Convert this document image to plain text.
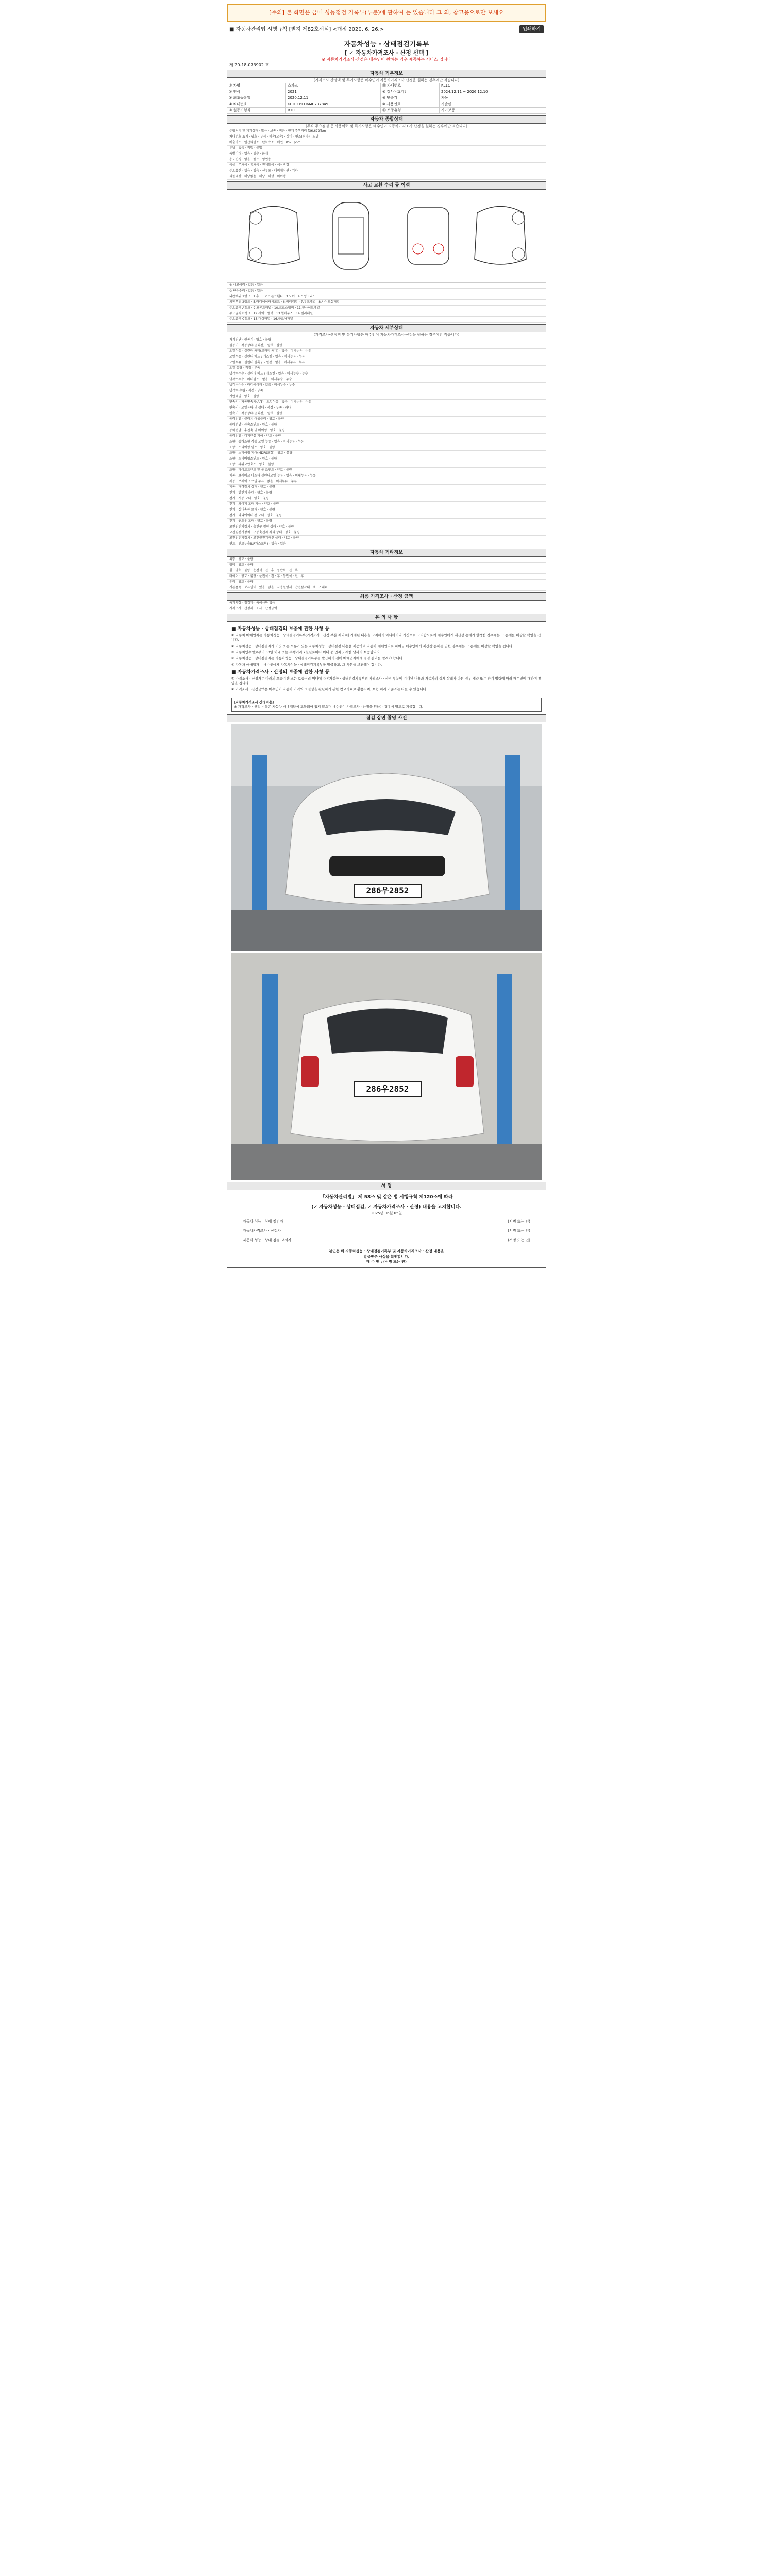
[주의] 본 화면은 금메 성능점검 기록부(부분)에 관하여 는 있습니다 그 외, 참고용으로만 보세요
■ 자동차관리법 시행규칙 [별지 제82호서식] <개정 2020. 6. 26.>	인쇄하기
자동차성능 · 상태점검기록부
[ ✓ 자동차가격조사 · 산정 선택 ]
※ 자동차가격조사·산정은 매수인이 원하는 경우 제공하는 서비스 입니다
제 20-18-073902 호
자동차 기본정보
(가격조사·산정액 및 특기사항은 매수인이 자동차가격조사·산정을 원하는 경우에만 적습니다)
① 차명	스파크	⑪ 차대번호	KL1C
② 연식	2021	⑧ 검사유효기간	2024.12.11 ~ 2026.12.10
③ 최초등록일	2020.12.11	⑨ 변속기	자동
④ 차대번호	KL1CC6ED6MC737849	⑩ 사용연료	가솔린
⑤ 원동기형식	B10	⑫ 보증유형	자가보증
자동차 종합상태
(주요 주요점검 등 사용이력 및 특기사항은 매수인이 자동차가격조사·산정을 원하는 경우에만 적습니다)
주행거리 및 계기상태 · 많음 · 보통 · 적음 · 현재 주행거리 [36,672]km
차대번호 표기 · 양호 · 부식 · 훼손(오손) · 상이 · 변조(변타) · 도말
배출가스 · 일산화탄소 · 탄화수소 · 매연 · 0% · ppm
튜닝 · 없음 · 적법 · 불법
특별이력 · 없음 · 침수 · 화재
용도변경 · 없음 · 렌트 · 영업용
색상 · 무채색 · 유채색 · 전체도색 · 색상변경
주요옵션 · 없음 · 있음 · 선루프 · 내비게이션 · 기타
리콜대상 · 해당없음 · 해당 · 이행 · 미이행
사고 교환 수리 등 이력
① 사고이력 · 없음 · 있음
② 단순수리 · 없음 · 있음
외판부위 1랭크 · 1.후드 · 2.프론트휀더 · 3.도어 · 4.트렁크리드
외판부위 2랭크 · 5.라디에이터서포트 · 6.쿼터패널 · 7.루프패널 · 8.사이드실패널
주요골격 A랭크 · 9.프론트패널 · 10.크로스멤버 · 11.인사이드패널
주요골격 B랭크 · 12.사이드멤버 · 13.휠하우스 · 14.필러패널
주요골격 C랭크 · 15.대쉬패널 · 16.플로어패널
자동차 세부상태
(가격조사·산정액 및 특기사항은 매수인이 자동차가격조사·산정을 원하는 경우에만 적습니다)
자기진단 · 원동기 · 양호 · 불량
원동기 · 작동상태(공회전) · 양호 · 불량
오일누유 · 실린더 커버(로커암 커버) · 없음 · 미세누유 · 누유
오일누유 · 실린더 헤드 / 개스킷 · 없음 · 미세누유 · 누유
오일누유 · 실린더 블록 / 오일팬 · 없음 · 미세누유 · 누유
오일 유량 · 적정 · 부족
냉각수누수 · 실린더 헤드 / 개스킷 · 없음 · 미세누수 · 누수
냉각수누수 · 워터펌프 · 없음 · 미세누수 · 누수
냉각수누수 · 라디에이터 · 없음 · 미세누수 · 누수
냉각수 수량 · 적정 · 부족
커먼레일 · 양호 · 불량
변속기 · 자동변속기(A/T) · 오일누유 · 없음 · 미세누유 · 누유
변속기 · 오일유량 및 상태 · 적정 · 부족 · 과다
변속기 · 작동상태(공회전) · 양호 · 불량
동력전달 · 클러치 어셈블리 · 양호 · 불량
동력전달 · 등속조인트 · 양호 · 불량
동력전달 · 추진축 및 베어링 · 양호 · 불량
동력전달 · 디퍼렌셜 기어 · 양호 · 불량
조향 · 동력조향 작동 오일 누유 · 없음 · 미세누유 · 누유
조향 · 스티어링 펌프 · 양호 · 불량
조향 · 스티어링 기어(MDPS포함) · 양호 · 불량
조향 · 스티어링조인트 · 양호 · 불량
조향 · 파워고압호스 · 양호 · 불량
조향 · 타이로드엔드 및 볼 조인트 · 양호 · 불량
제동 · 브레이크 마스터 실린더오일 누유 · 없음 · 미세누유 · 누유
제동 · 브레이크 오일 누유 · 없음 · 미세누유 · 누유
제동 · 배력장치 상태 · 양호 · 불량
전기 · 발전기 출력 · 양호 · 불량
전기 · 시동 모터 · 양호 · 불량
전기 · 와이퍼 모터 기능 · 양호 · 불량
전기 · 실내송풍 모터 · 양호 · 불량
전기 · 라디에이터 팬 모터 · 양호 · 불량
전기 · 윈도우 모터 · 양호 · 불량
고전원전기장치 · 충전구 절연 상태 · 양호 · 불량
고전원전기장치 · 구동축전지 격리 상태 · 양호 · 불량
고전원전기장치 · 고전원전기배선 상태 · 양호 · 불량
연료 · 연료누출(LP가스포함) · 없음 · 있음
자동차 기타정보
외장 · 양호 · 불량
광택 · 양호 · 불량
휠 · 양호 · 불량 · 운전석 · 전 · 후 · 동반석 · 전 · 후
타이어 · 양호 · 불량 · 운전석 · 전 · 후 · 동반석 · 전 · 후
유리 · 양호 · 불량
기본품목 · 보유상태 · 있음 · 없음 · 사용설명서 · 안전삼각대 · 잭 · 스패너
최종 가격조사 · 산정 금액
특기사항 · 점검자 · 특이사항 없음
가격조사 · 산정자 · 조사 · 산정금액
유 의 사 항
■ 자동차성능 · 상태점검의 보증에 관한 사항 등

① 자동차 매매업자는 자동차성능 · 상태점검기록부(가격조사 · 산정 부분 제외)에 기재된 내용을 고지하지 아니하거나 거짓으로 고지함으로써 매수인에게 재산상 손해가 발생한 경우에는 그 손해를 배상할 책임을 집니다.

② 자동차성능 · 상태점검자가 거짓 또는 오류가 있는 자동차성능 · 상태점검 내용을 제공하여 자동차 매매업자로 하여금 매수인에게 재산상 손해를 입힌 경우에는 그 손해를 배상할 책임을 집니다.

③ 자동차인수일로부터 30일 이내 또는 주행거리 2천킬로미터 이내 중 먼저 도래한 날까지 보증합니다.

④ 자동차성능 · 상태점검자는 자동차성능 · 상태점검기록부를 발급하기 전에 매매업자에게 점검 결과를 알려야 합니다.

⑤ 자동차 매매업자는 매수인에게 자동차성능 · 상태점검기록부를 발급하고, 그 사본을 보관해야 합니다.

■ 자동차가격조사 · 산정의 보증에 관한 사항 등

① 가격조사 · 산정자는 아래의 보증기간 또는 보증거리 이내에 자동차성능 · 상태점검기록부의 가격조사 · 산정 부분에 기재된 내용과 자동차의 실제 상태가 다른 경우 계약 또는 관계 법령에 따라 매수인에 대하여 책임을 집니다.

② 가격조사 · 산정금액은 매수인이 자동차 가격의 적절성을 판단하기 위한 참고자료로 활용되며, 보험 처리 기준과는 다를 수 있습니다.

[자동차가격조사 산정비용]
※ 가격조사 · 산정 비용은 자동차 매매계약에 포함되어 있지 않으며 매수인이 가격조사 · 산정을 원하는 경우에 별도로 지불합니다.
점검 장면 촬영 사진
286우2852
286우2852
서 명
「자동차관리법」 제 58조 및 같은 법 시행규칙 제120조에 따라
(✓ 자동차성능 · 상태점검, ✓ 자동차가격조사 · 산정) 내용을 고지합니다.
2025년 06월 05일
자동차 성능 · 상태 점검자	(서명 또는 인)
자동차가격조사 · 산정자	(서명 또는 인)
자동차 성능 · 상태 점검 고지자	(서명 또는 인)
본인은 위 자동차성능 · 상태점검기록부 및 자동차가격조사 · 산정 내용을
발급받은 사실을 확인합니다.
매 수 인 : (서명 또는 인)
